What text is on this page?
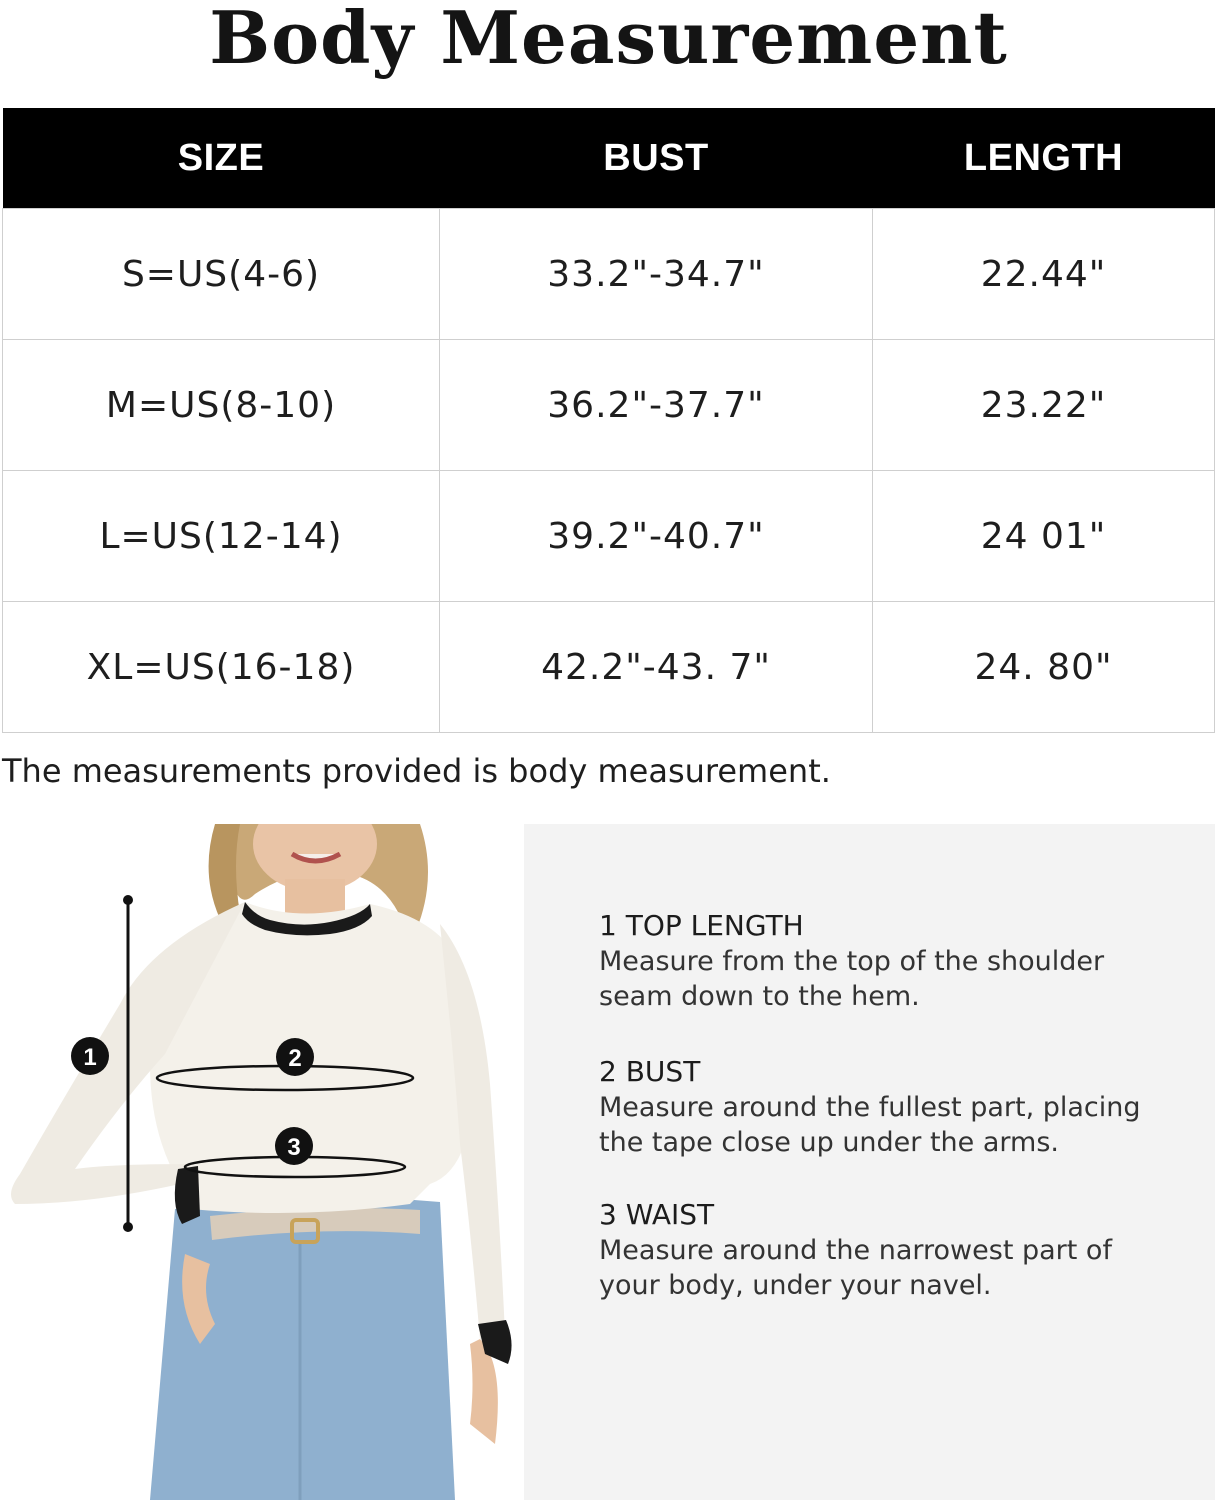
Body Measurement
SIZE	BUST	LENGTH
S=US(4-6)	33.2"-34.7"	22.44"
M=US(8-10)	36.2"-37.7"	23.22"
L=US(12-14)	39.2"-40.7"	24 01"
XL=US(16-18)	42.2"-43. 7"	24. 80"
The measurements provided is body measurement.
1	2
3
1 TOP LENGTH
Measure from the top of the shoulder
seam down to the hem.
2 BUST
Measure around the fullest part, placing
the tape close up under the arms.
3 WAIST
Measure around the narrowest part of
your body, under your navel.
